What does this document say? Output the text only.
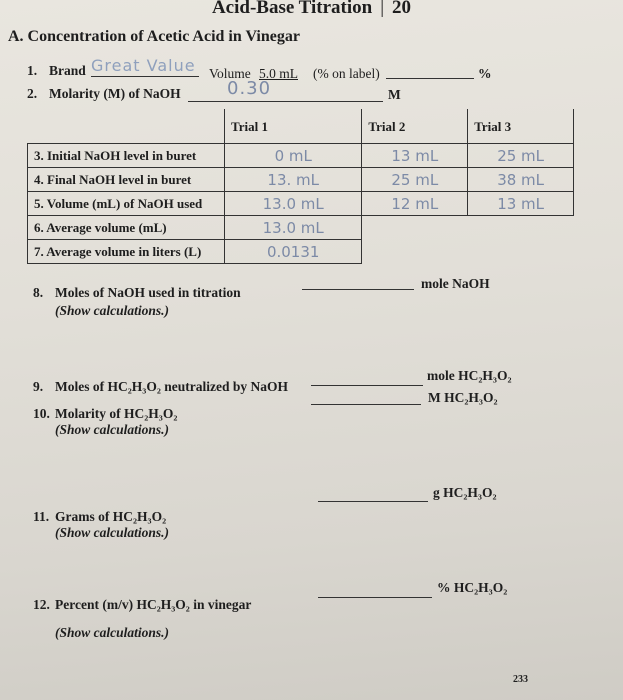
Acid-Base Titration | 20
A. Concentration of Acetic Acid in Vinegar
1. Brand Great Value Volume 5.0 mL (% on label)	%
2. Molarity (M) of NaOH	0.30	M
	Trial 1	Trial 2	Trial 3
3. Initial NaOH level in buret	0 mL	13 mL	25 mL
4. Final NaOH level in buret	13. mL	25 mL	38 mL
5. Volume (mL) of NaOH used	13.0 mL	12 mL	13 mL
6. Average volume (mL)	13.0 mL		
7. Average volume in liters (L)	0.0131		
8. Moles of NaOH used in titration
(Show calculations.)
mole NaOH
9. Moles of HC₂H₃O₂ neutralized by NaOH
mole HC₂H₃O₂
10. Molarity of HC₂H₃O₂
(Show calculations.)
M HC₂H₃O₂
11. Grams of HC₂H₃O₂
(Show calculations.)
g HC₂H₃O₂
12. Percent (m/v) HC₂H₃O₂ in vinegar
(Show calculations.)
% HC₂H₃O₂
233
